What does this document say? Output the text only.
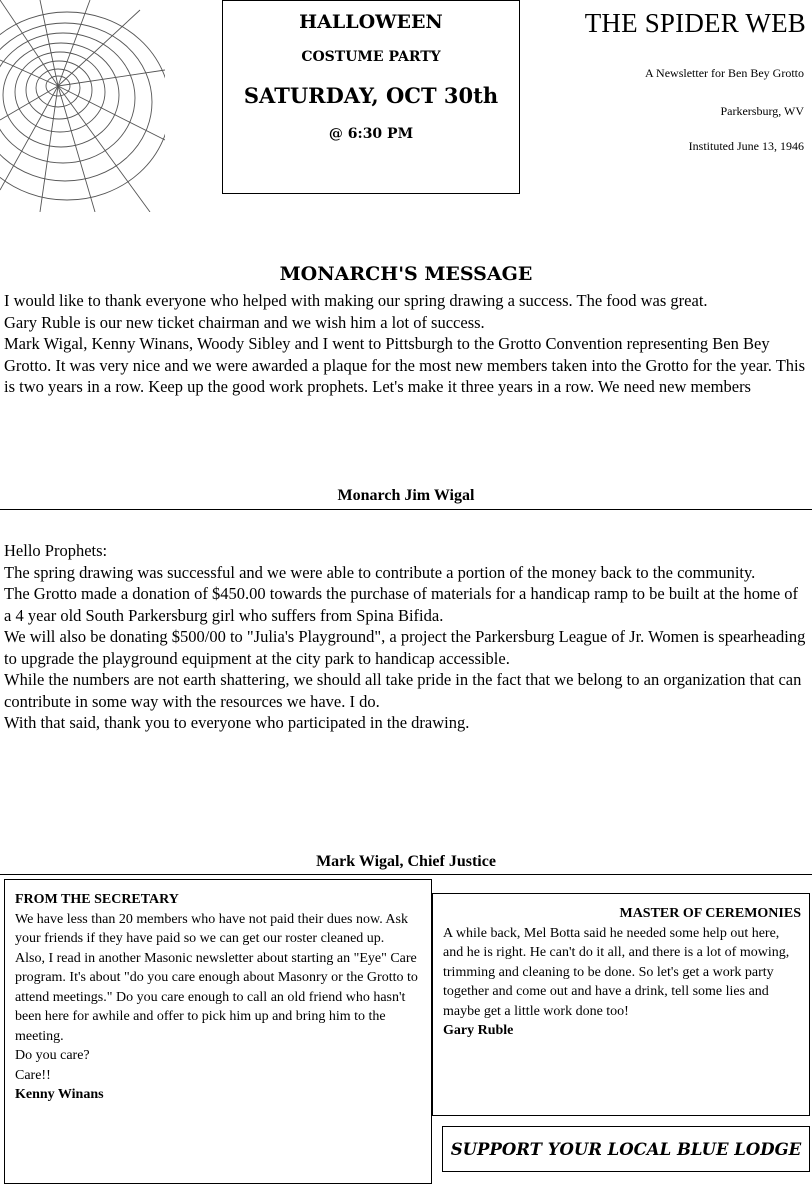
HALLOWEEN
COSTUME PARTY
SATURDAY, OCT 30th
@ 6:30 PM
THE SPIDER WEB
A Newsletter for Ben Bey Grotto
Parkersburg, WV
Instituted June 13, 1946
MONARCH'S MESSAGE

I would like to thank everyone who helped with making our spring drawing a success. The food was great.

Gary Ruble is our new ticket chairman and we wish him a lot of success.

Mark Wigal, Kenny Winans, Woody Sibley and I went to Pittsburgh to the Grotto Convention representing Ben Bey Grotto. It was very nice and we were awarded a plaque for the most new members taken into the Grotto for the year. This is two years in a row. Keep up the good work prophets. Let's make it three years in a row. We need new members

Monarch Jim Wigal

Hello Prophets:

The spring drawing was successful and we were able to contribute a portion of the money back to the community.

The Grotto made a donation of $450.00 towards the purchase of materials for a handicap ramp to be built at the home of a 4 year old South Parkersburg girl who suffers from Spina Bifida.

We will also be donating $500/00 to "Julia's Playground", a project the Parkersburg League of Jr. Women is spearheading to upgrade the playground equipment at the city park to handicap accessible.

While the numbers are not earth shattering, we should all take pride in the fact that we belong to an organization that can contribute in some way with the resources we have. I do.

With that said, thank you to everyone who participated in the drawing.

Mark Wigal, Chief Justice

FROM THE SECRETARY

We have less than 20 members who have not paid their dues now. Ask your friends if they have paid so we can get our roster cleaned up.

Also, I read in another Masonic newsletter about starting an "Eye" Care program. It's about "do you care enough about Masonry or the Grotto to attend meetings." Do you care enough to call an old friend who hasn't been here for awhile and offer to pick him up and bring him to the meeting.

Do you care?

Care!!

Kenny Winans

MASTER OF CEREMONIES

A while back, Mel Botta said he needed some help out here, and he is right. He can't do it all, and there is a lot of mowing, trimming and cleaning to be done. So let's get a work party together and come out and have a drink, tell some lies and maybe get a little work done too!

Gary Ruble

SUPPORT YOUR LOCAL BLUE LODGE
